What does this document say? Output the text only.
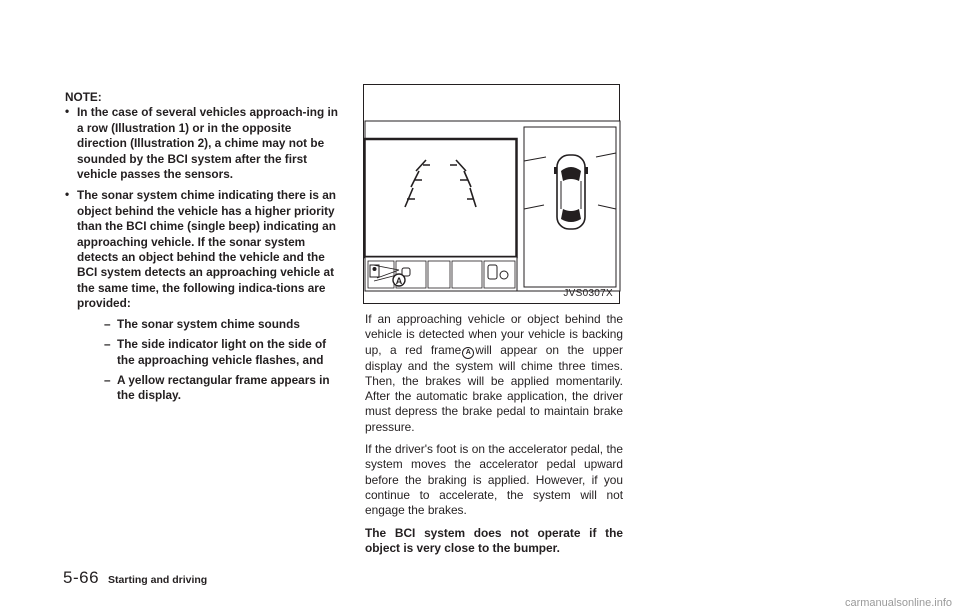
NOTE:

• In the case of several vehicles approach-ing in a row (Illustration 1) or in the opposite direction (Illustration 2), a chime may not be sounded by the BCI system after the first vehicle passes the sensors.
• The sonar system chime indicating there is an object behind the vehicle has a higher priority than the BCI chime (single beep) indicating an approaching vehicle. If the sonar system detects an object behind the vehicle and the BCI system detects an approaching vehicle at the same time, the following indica-tions are provided:
– The sonar system chime sounds
– The side indicator light on the side of the approaching vehicle flashes, and
– A yellow rectangular frame appears in the display.
A
JVS0307X

If an approaching vehicle or object behind the vehicle is detected when your vehicle is backing up, a red frame A will appear on the upper display and the system will chime three times. Then, the brakes will be applied momentarily. After the automatic brake application, the driver must depress the brake pedal to maintain brake pressure.

If the driver's foot is on the accelerator pedal, the system moves the accelerator pedal upward before the braking is applied. However, if you continue to accelerate, the system will not engage the brakes.

The BCI system does not operate if the object is very close to the bumper.

5-66 Starting and driving
carmanualsonline.info
